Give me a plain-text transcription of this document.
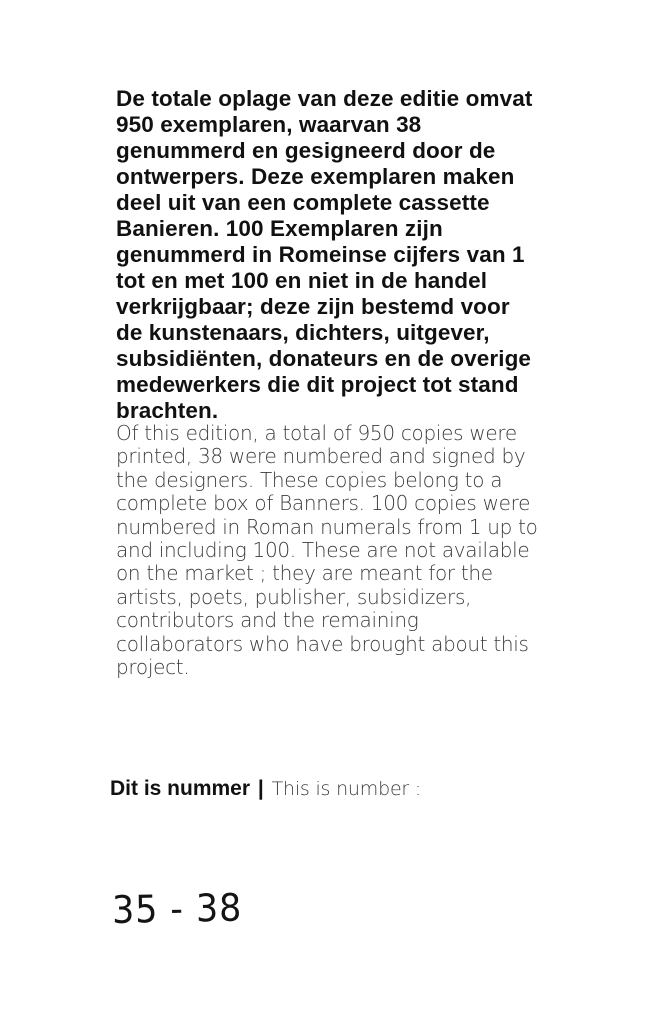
De totale oplage van deze editie omvat
950 exemplaren, waarvan 38
genummerd en gesigneerd door de
ontwerpers. Deze exemplaren maken
deel uit van een complete cassette
Banieren. 100 Exemplaren zijn
genummerd in Romeinse cijfers van 1
tot en met 100 en niet in de handel
verkrijgbaar; deze zijn bestemd voor
de kunstenaars, dichters, uitgever,
subsidiënten, donateurs en de overige
medewerkers die dit project tot stand
brachten.
Of this edition, a total of 950 copies were
printed, 38 were numbered and signed by
the designers. These copies belong to a
complete box of Banners. 100 copies were
numbered in Roman numerals from 1 up to
and including 100. These are not available
on the market ; they are meant for the
artists, poets, publisher, subsidizers,
contributors and the remaining
collaborators who have brought about this
project.
Dit is nummer | This is number :
35 - 38
